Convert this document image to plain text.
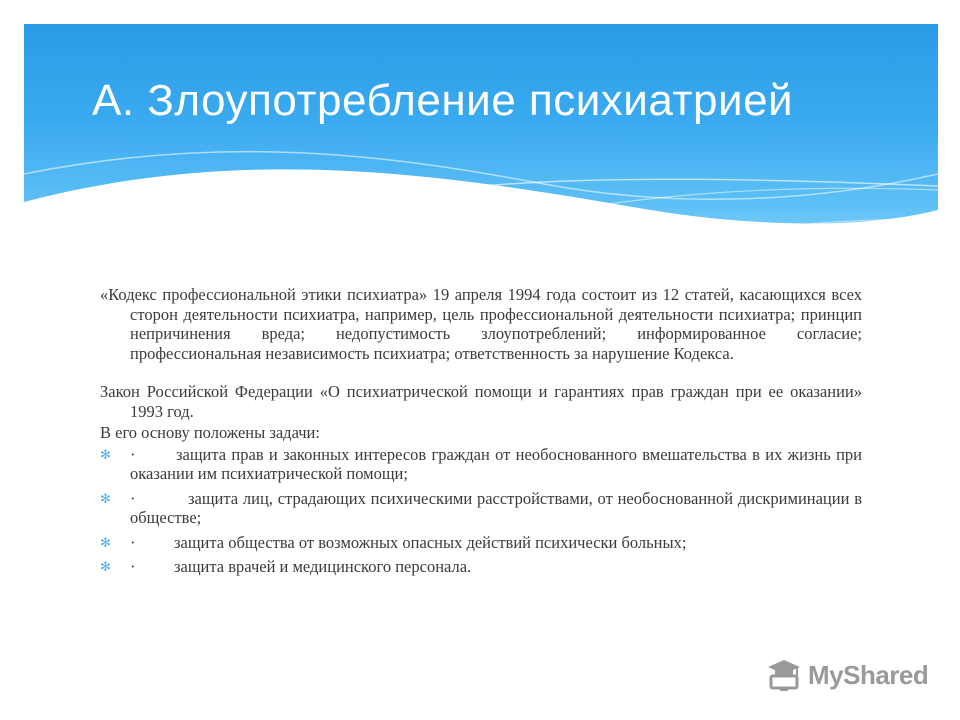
А. Злоупотребление психиатрией

«Кодекс профессиональной этики психиатра» 19 апреля 1994 года состоит из 12 статей, касающихся всех сторон деятельности психиатра, например, цель профессиональной деятельности психиатра; принцип непричинения вреда; недопустимость злоупотреблений; информированное согласие; профессиональная независимость психиатра; ответственность за нарушение Кодекса.

Закон Российской Федерации «О психиатрической помощи и гарантиях прав граждан при ее оказании» 1993 год.

В его основу положены задачи:

✻ · защита прав и законных интересов граждан от необоснованного вмешательства в их жизнь при оказании им психиатрической помощи;
✻ ·	защита лиц, страдающих психическими расстройствами, от необоснованной дискриминации в обществе;
✻ · защита общества от возможных опасных действий психически больных;
✻ · защита врачей и медицинского персонала.
MyShared
